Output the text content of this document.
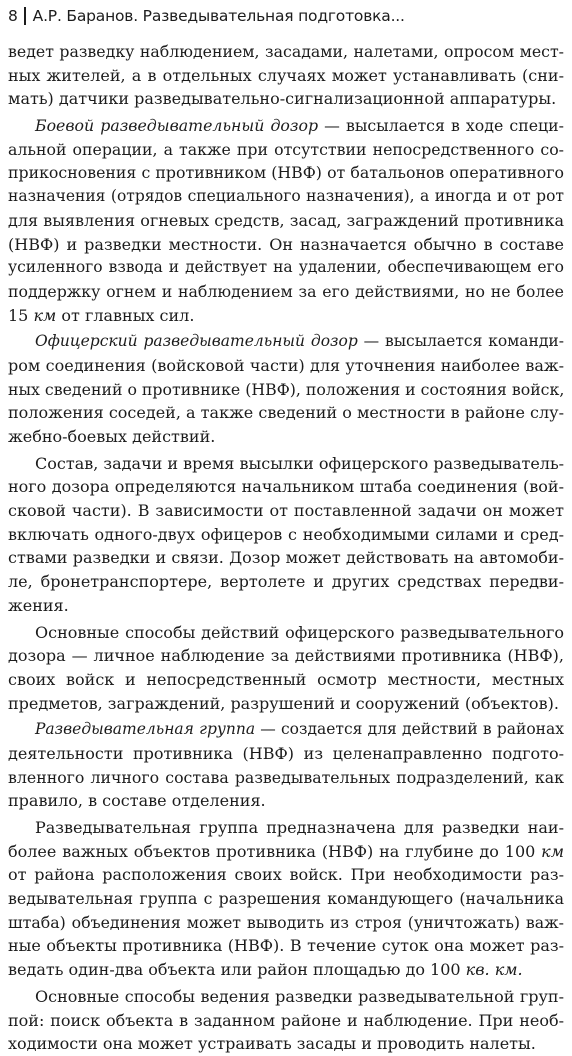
8 А.Р. Баранов. Разведывательная подготовка...
ведет разведку наблюдением, засадами, налетами, опросом мест-
ных жителей, а в отдельных случаях может устанавливать (сни-
мать) датчики разведывательно-сигнализационной аппаратуры.
Боевой разведывательный дозор — высылается в ходе специ-
альной операции, а также при отсутствии непосредственного со-
прикосновения с противником (НВФ) от батальонов оперативного
назначения (отрядов специального назначения), а иногда и от рот
для выявления огневых средств, засад, заграждений противника
(НВФ) и разведки местности. Он назначается обычно в составе
усиленного взвода и действует на удалении, обеспечивающем его
поддержку огнем и наблюдением за его действиями, но не более
15 км от главных сил.
Офицерский разведывательный дозор — высылается команди-
ром соединения (войсковой части) для уточнения наиболее важ-
ных сведений о противнике (НВФ), положения и состояния войск,
положения соседей, а также сведений о местности в районе слу-
жебно-боевых действий.
Состав, задачи и время высылки офицерского разведыватель-
ного дозора определяются начальником штаба соединения (вой-
сковой части). В зависимости от поставленной задачи он может
включать одного-двух офицеров с необходимыми силами и сред-
ствами разведки и связи. Дозор может действовать на автомоби-
ле, бронетранспортере, вертолете и других средствах передви-
жения.
Основные способы действий офицерского разведывательного
дозора — личное наблюдение за действиями противника (НВФ),
своих войск и непосредственный осмотр местности, местных
предметов, заграждений, разрушений и сооружений (объектов).
Разведывательная группа — создается для действий в районах
деятельности противника (НВФ) из целенаправленно подгото-
вленного личного состава разведывательных подразделений, как
правило, в составе отделения.
Разведывательная группа предназначена для разведки наи-
более важных объектов противника (НВФ) на глубине до 100 км
от района расположения своих войск. При необходимости раз-
ведывательная группа с разрешения командующего (начальника
штаба) объединения может выводить из строя (уничтожать) важ-
ные объекты противника (НВФ). В течение суток она может раз-
ведать один-два объекта или район площадью до 100 кв. км.
Основные способы ведения разведки разведывательной груп-
пой: поиск объекта в заданном районе и наблюдение. При необ-
ходимости она может устраивать засады и проводить налеты.
